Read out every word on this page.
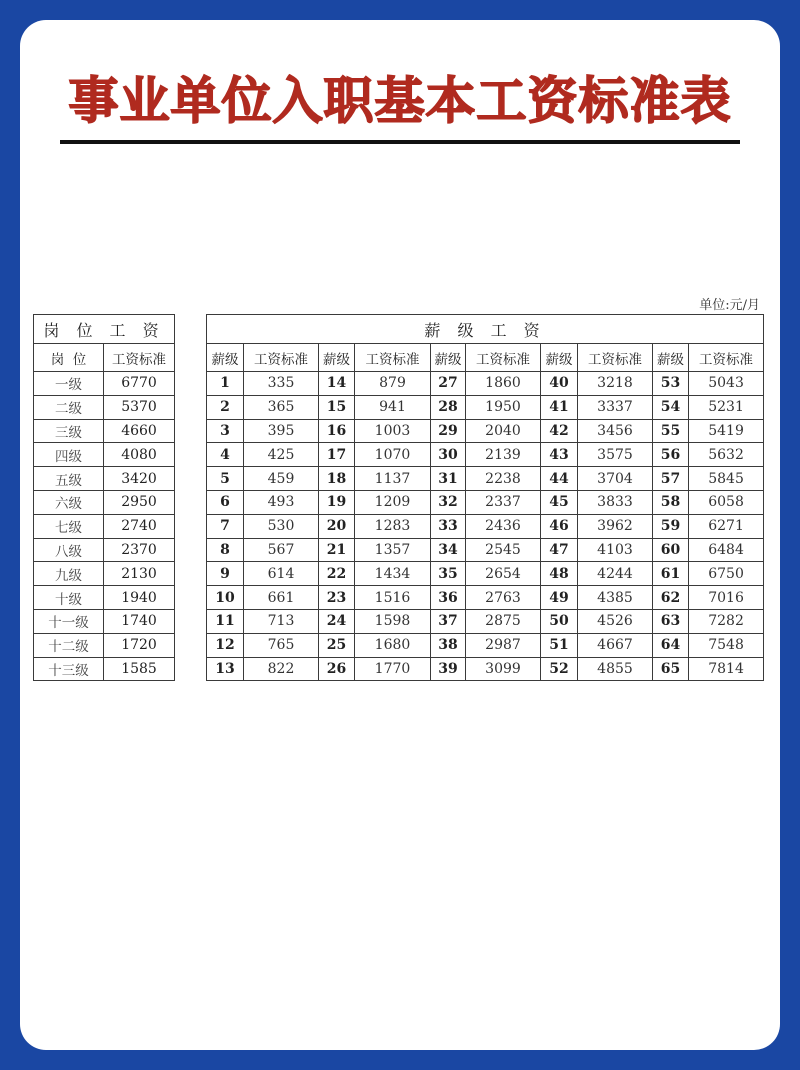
事业单位入职基本工资标准表
单位:元/月
岗 位 工 资	
岗  位	工资标准
一级	6770
二级	5370
三级	4660
四级	4080
五级	3420
六级	2950
七级	2740
八级	2370
九级	2130
十级	1940
十一级	1740
十二级	1720
十三级	1585
薪 级 工 资									
薪级	工资标准	薪级	工资标准	薪级	工资标准	薪级	工资标准	薪级	工资标准
1	335	14	879	27	1860	40	3218	53	5043
2	365	15	941	28	1950	41	3337	54	5231
3	395	16	1003	29	2040	42	3456	55	5419
4	425	17	1070	30	2139	43	3575	56	5632
5	459	18	1137	31	2238	44	3704	57	5845
6	493	19	1209	32	2337	45	3833	58	6058
7	530	20	1283	33	2436	46	3962	59	6271
8	567	21	1357	34	2545	47	4103	60	6484
9	614	22	1434	35	2654	48	4244	61	6750
10	661	23	1516	36	2763	49	4385	62	7016
11	713	24	1598	37	2875	50	4526	63	7282
12	765	25	1680	38	2987	51	4667	64	7548
13	822	26	1770	39	3099	52	4855	65	7814
